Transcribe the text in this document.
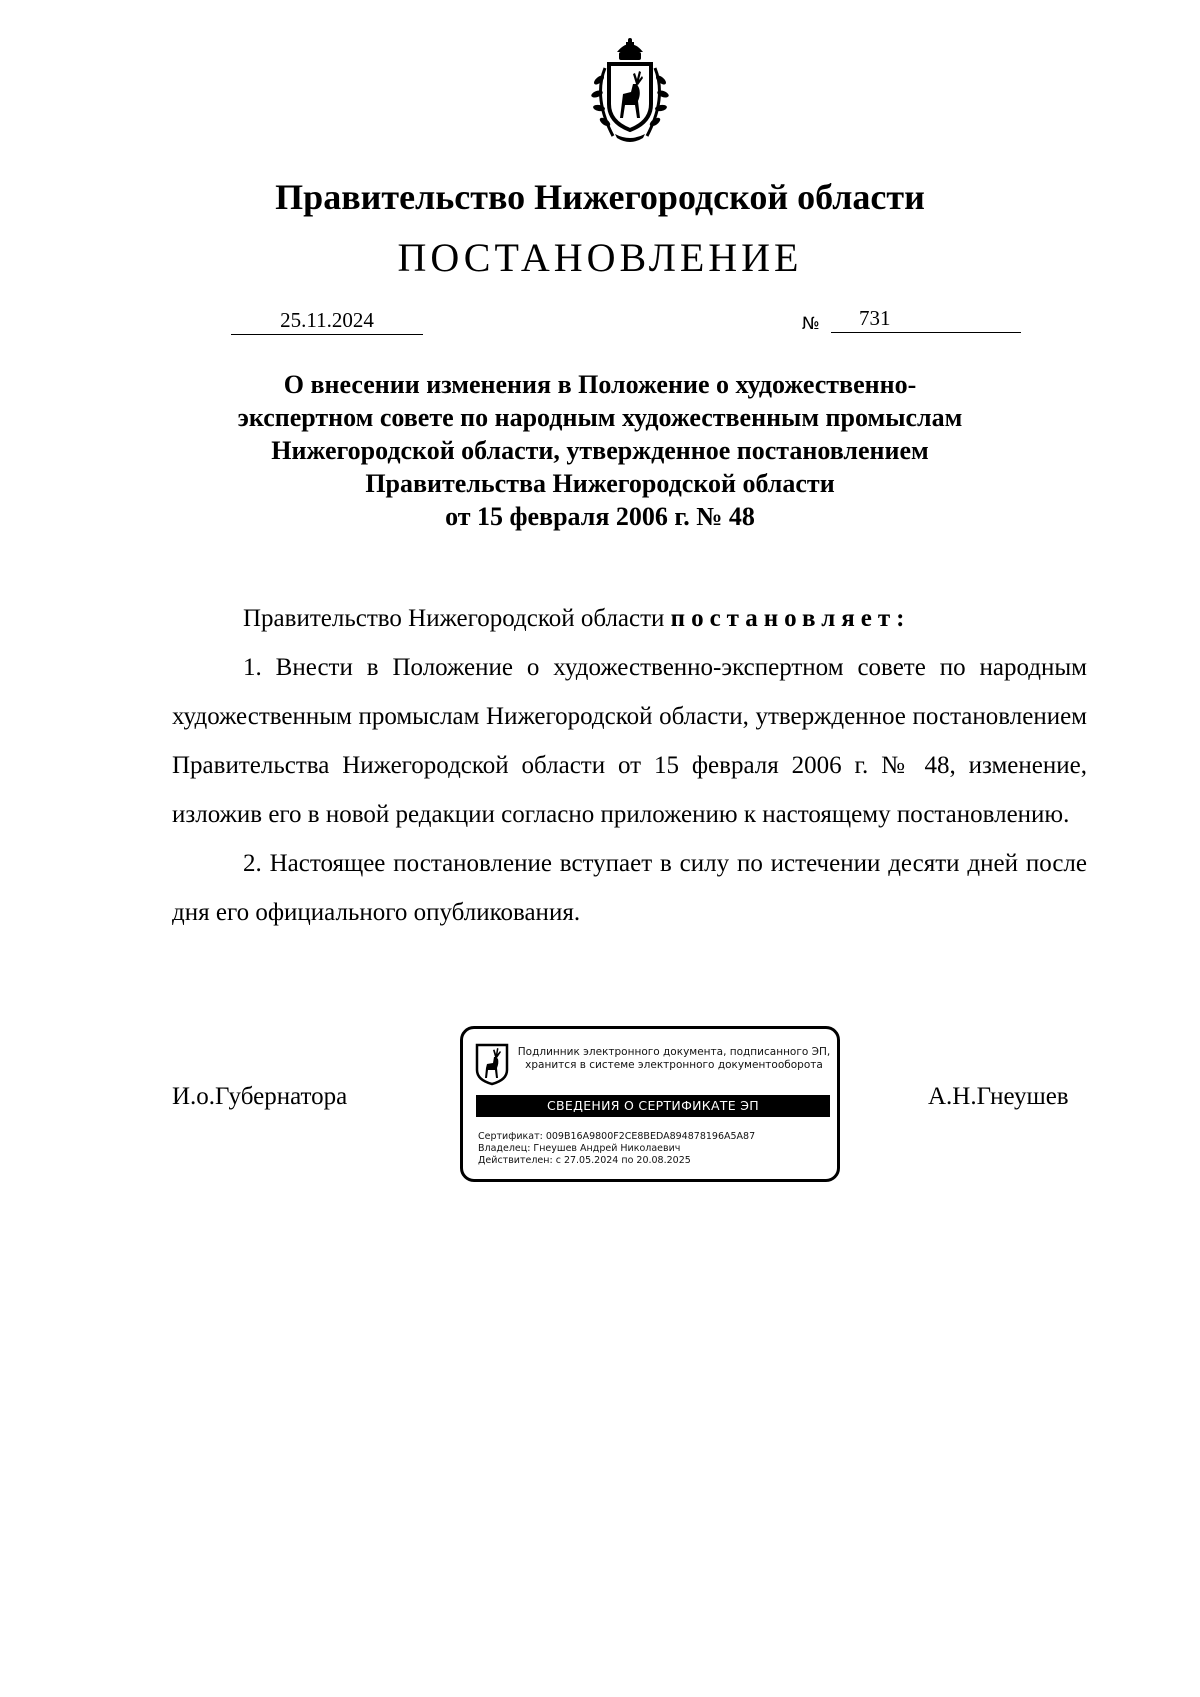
Правительство Нижегородской области
ПОСТАНОВЛЕНИЕ
25.11.2024	№	731
О внесении изменения в Положение о художественно-
экспертном совете по народным художественным промыслам
Нижегородской области, утвержденное постановлением
Правительства Нижегородской области
от 15 февраля 2006 г. № 48

Правительство Нижегородской области постановляет:

1. Внести в Положение о художественно-экспертном совете по народным художественным промыслам Нижегородской области, утвержденное постановлением Правительства Нижегородской области от 15 февраля 2006 г. № 48, изменение, изложив его в новой редакции согласно приложению к настоящему постановлению.

2. Настоящее постановление вступает в силу по истечении десяти дней после дня его официального опубликования.

И.о.Губернатора	А.Н.Гнеушев
Подлинник электронного документа, подписанного ЭП,
хранится в системе электронного документооборота
СВЕДЕНИЯ О СЕРТИФИКАТЕ ЭП
Сертификат: 009B16A9800F2CE8BEDA894878196A5A87
Владелец: Гнеушев Андрей Николаевич
Действителен: с 27.05.2024 по 20.08.2025
